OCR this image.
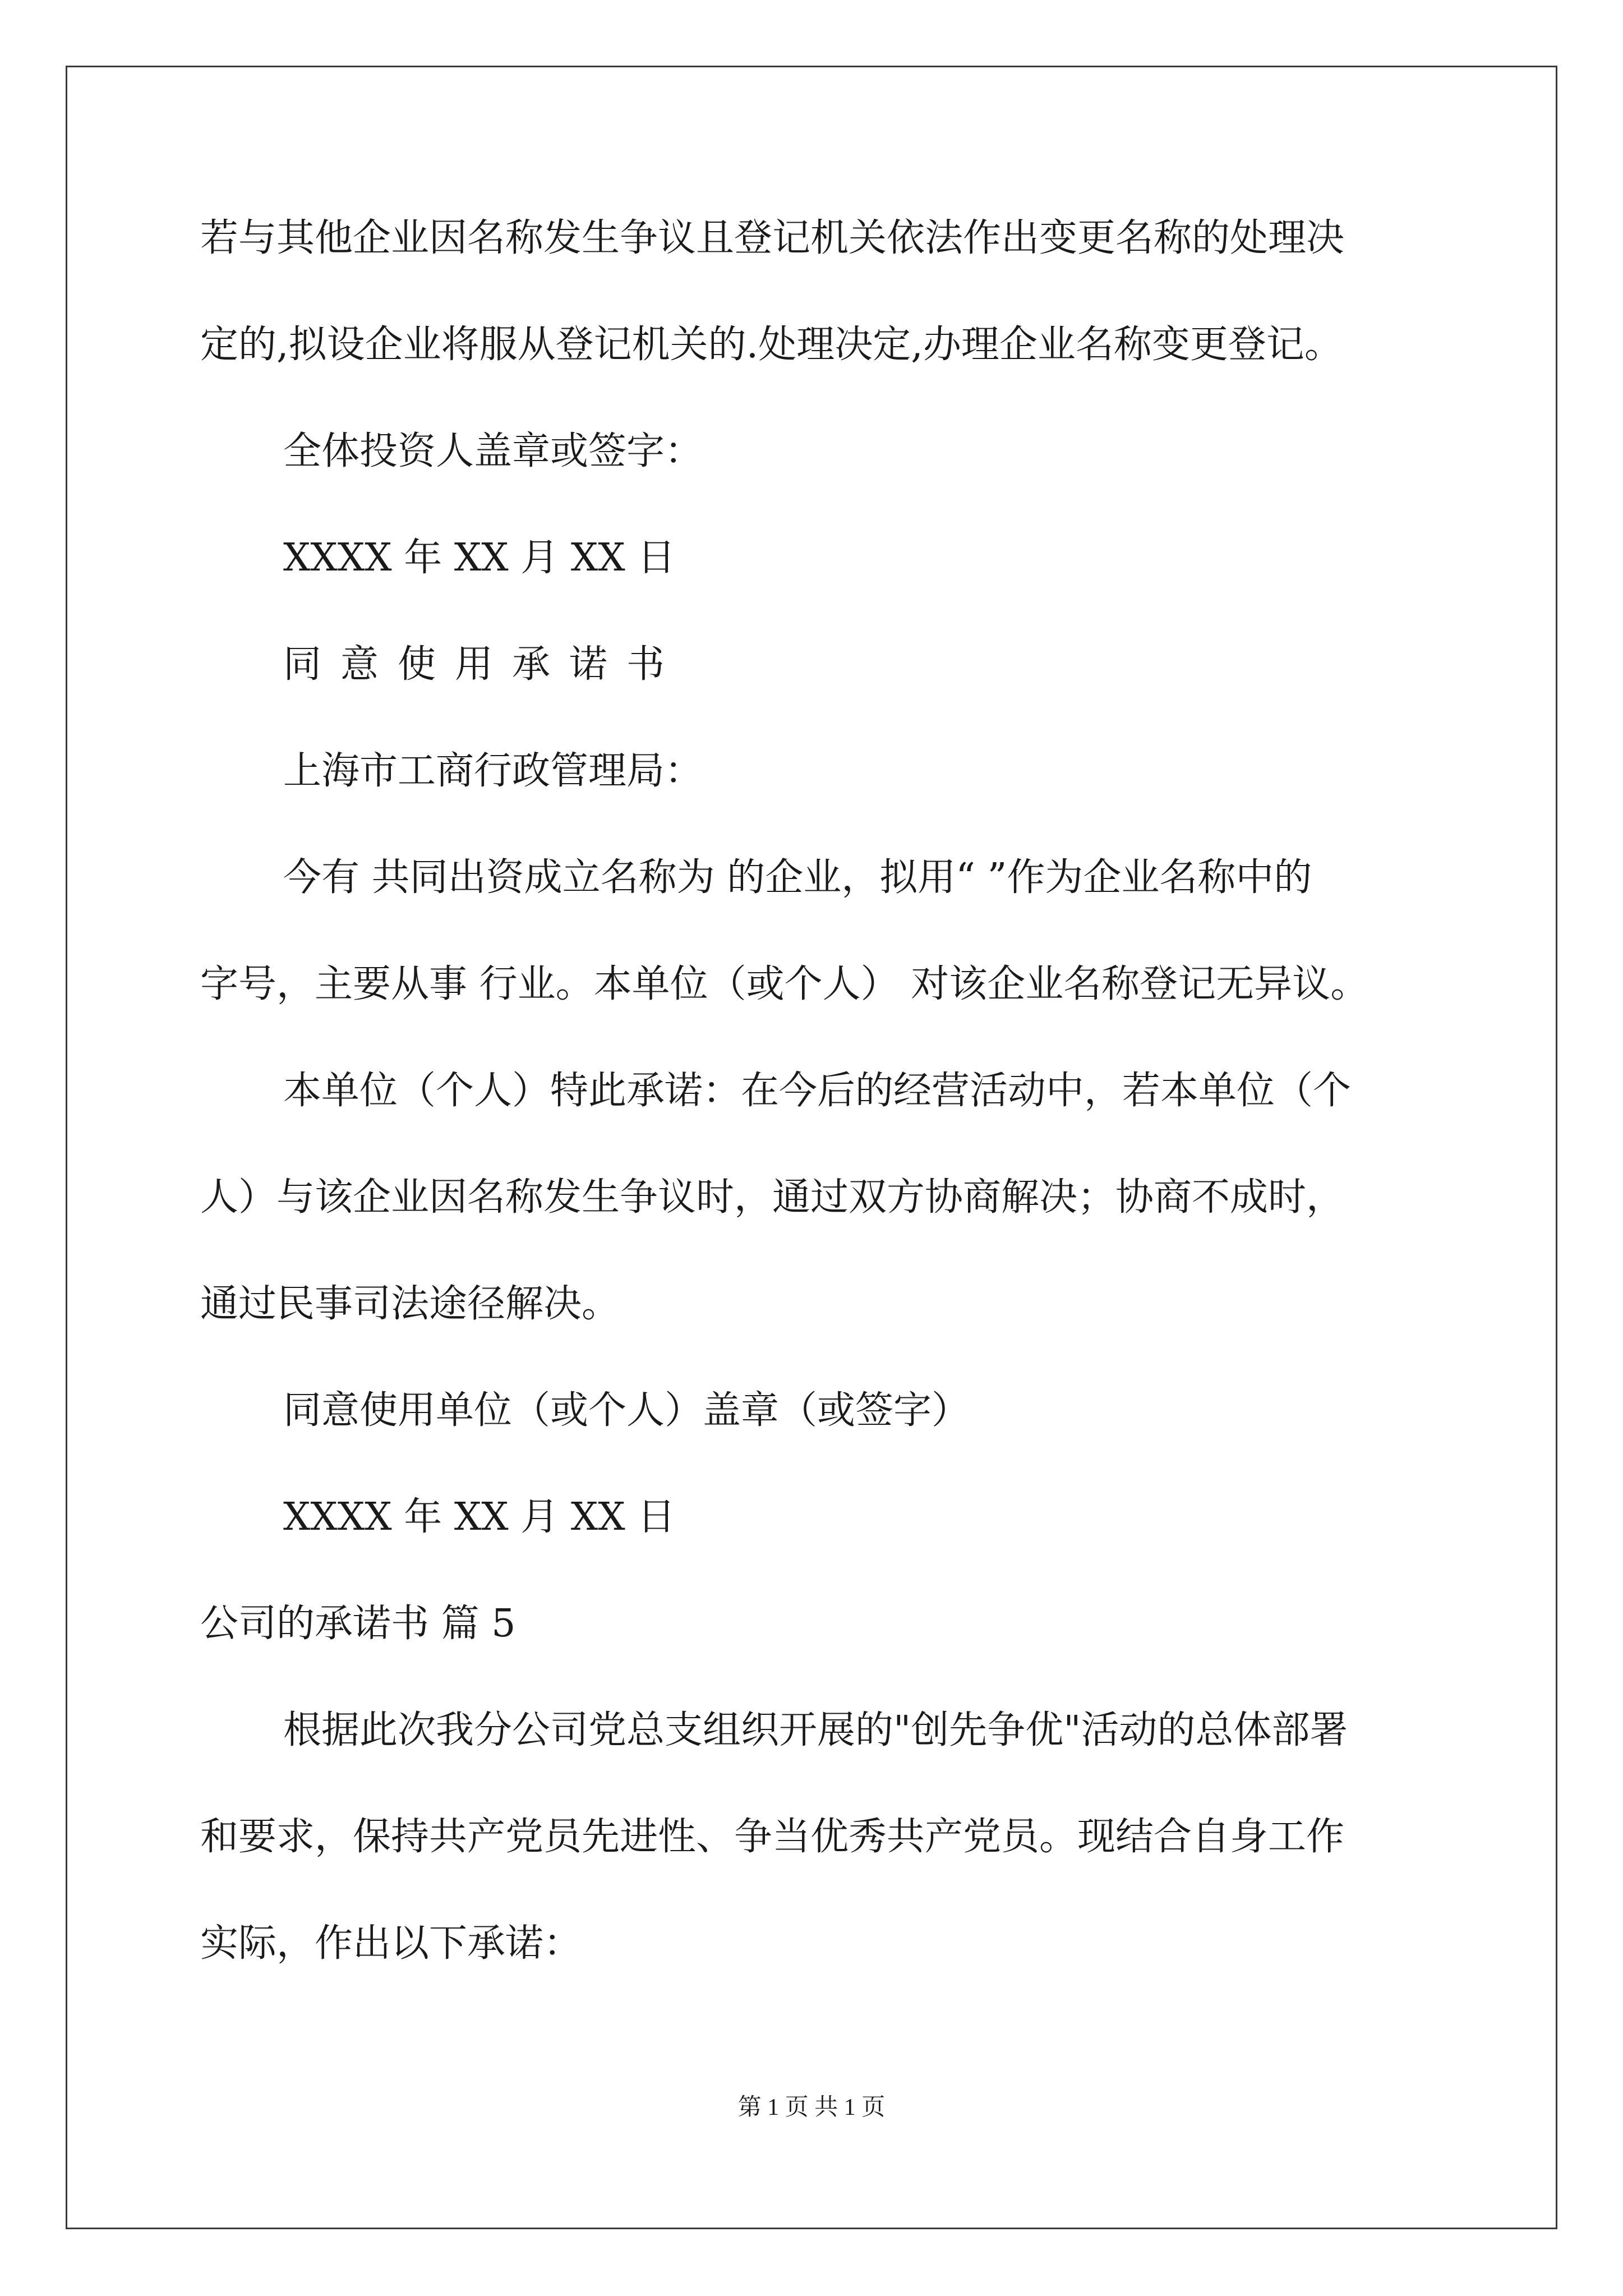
若与其他企业因名称发生争议且登记机关依法作出变更名称的处理决
定的,拟设企业将服从登记机关的.处理决定,办理企业名称变更登记。
全体投资人盖章或签字：
XXXX 年 XX 月 XX 日
同意使用承诺书
上海市工商行政管理局：
今有 共同出资成立名称为 的企业，拟用“ ”作为企业名称中的
字号，主要从事 行业。本单位（或个人） 对该企业名称登记无异议。
本单位（个人）特此承诺：在今后的经营活动中，若本单位（个
人）与该企业因名称发生争议时，通过双方协商解决；协商不成时，
通过民事司法途径解决。
同意使用单位（或个人）盖章（或签字）
XXXX 年 XX 月 XX 日
公司的承诺书 篇 5
根据此次我分公司党总支组织开展的"创先争优"活动的总体部署
和要求，保持共产党员先进性、争当优秀共产党员。现结合自身工作
实际，作出以下承诺：
第 1 页 共 1 页
